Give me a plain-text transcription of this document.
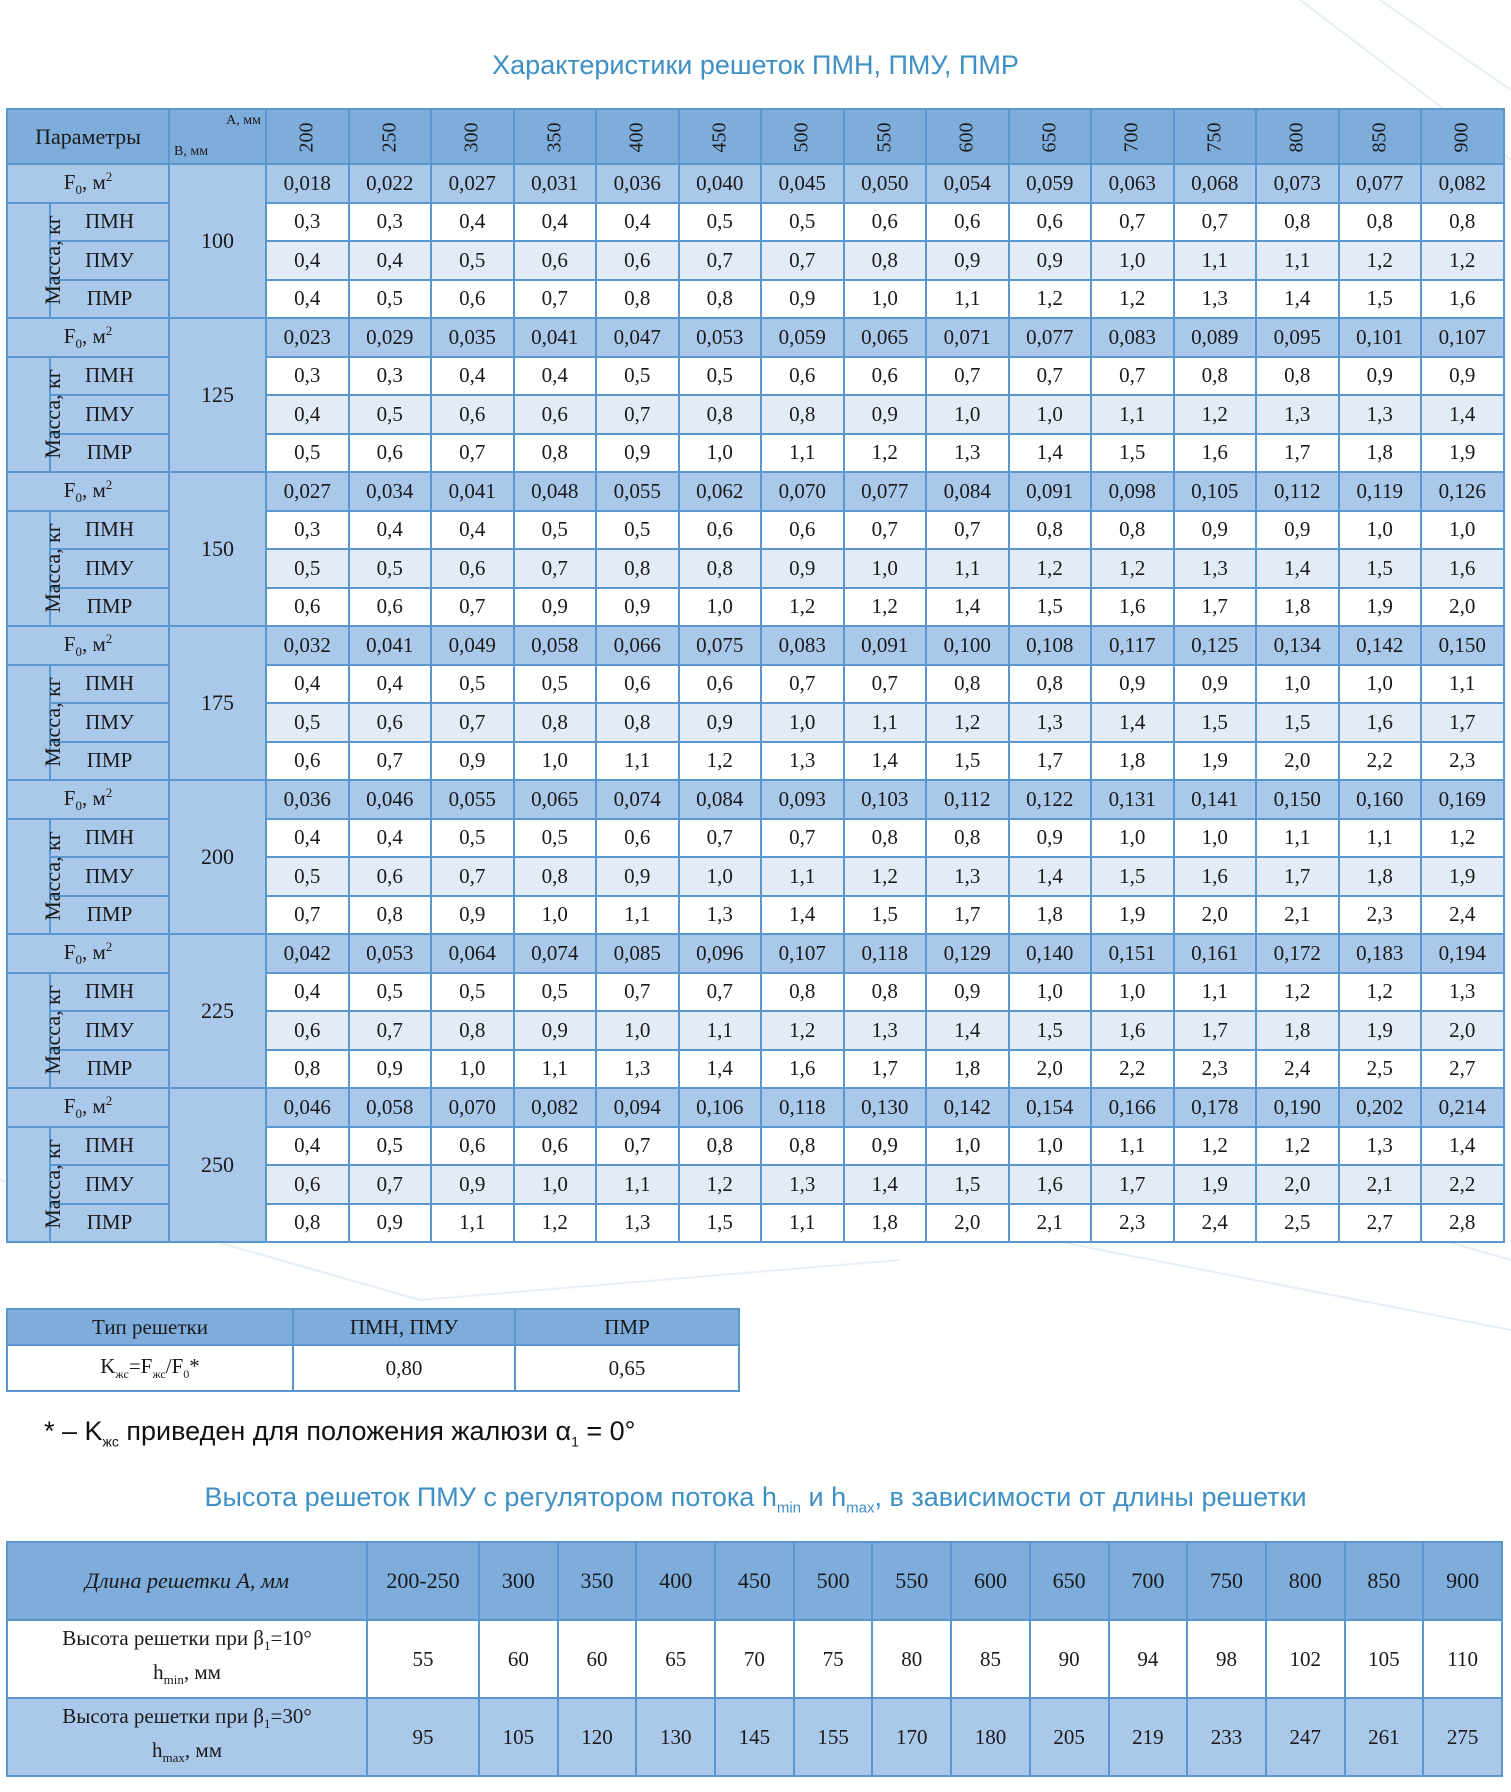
Характеристики решеток ПМН, ПМУ, ПМР
Параметры		А, мм
В, мм	200	250	300	350	400	450	500	550	600	650	700	750	800	850	900
$F_0$, $м^2$		100	0,018	0,022	0,027	0,031	0,036	0,040	0,045	0,050	0,054	0,059	0,063	0,068	0,073	0,077	0,082
Масса, кг	ПМН		0,3	0,3	0,4	0,4	0,4	0,5	0,5	0,6	0,6	0,6	0,7	0,7	0,8	0,8	0,8
	ПМУ		0,4	0,4	0,5	0,6	0,6	0,7	0,7	0,8	0,9	0,9	1,0	1,1	1,1	1,2	1,2
	ПМР		0,4	0,5	0,6	0,7	0,8	0,8	0,9	1,0	1,1	1,2	1,2	1,3	1,4	1,5	1,6
$F_0$, $м^2$		125	0,023	0,029	0,035	0,041	0,047	0,053	0,059	0,065	0,071	0,077	0,083	0,089	0,095	0,101	0,107
Масса, кг	ПМН		0,3	0,3	0,4	0,4	0,5	0,5	0,6	0,6	0,7	0,7	0,7	0,8	0,8	0,9	0,9
	ПМУ		0,4	0,5	0,6	0,6	0,7	0,8	0,8	0,9	1,0	1,0	1,1	1,2	1,3	1,3	1,4
	ПМР		0,5	0,6	0,7	0,8	0,9	1,0	1,1	1,2	1,3	1,4	1,5	1,6	1,7	1,8	1,9
$F_0$, $м^2$		150	0,027	0,034	0,041	0,048	0,055	0,062	0,070	0,077	0,084	0,091	0,098	0,105	0,112	0,119	0,126
Масса, кг	ПМН		0,3	0,4	0,4	0,5	0,5	0,6	0,6	0,7	0,7	0,8	0,8	0,9	0,9	1,0	1,0
	ПМУ		0,5	0,5	0,6	0,7	0,8	0,8	0,9	1,0	1,1	1,2	1,2	1,3	1,4	1,5	1,6
	ПМР		0,6	0,6	0,7	0,9	0,9	1,0	1,2	1,2	1,4	1,5	1,6	1,7	1,8	1,9	2,0
$F_0$, $м^2$		175	0,032	0,041	0,049	0,058	0,066	0,075	0,083	0,091	0,100	0,108	0,117	0,125	0,134	0,142	0,150
Масса, кг	ПМН		0,4	0,4	0,5	0,5	0,6	0,6	0,7	0,7	0,8	0,8	0,9	0,9	1,0	1,0	1,1
	ПМУ		0,5	0,6	0,7	0,8	0,8	0,9	1,0	1,1	1,2	1,3	1,4	1,5	1,5	1,6	1,7
	ПМР		0,6	0,7	0,9	1,0	1,1	1,2	1,3	1,4	1,5	1,7	1,8	1,9	2,0	2,2	2,3
$F_0$, $м^2$		200	0,036	0,046	0,055	0,065	0,074	0,084	0,093	0,103	0,112	0,122	0,131	0,141	0,150	0,160	0,169
Масса, кг	ПМН		0,4	0,4	0,5	0,5	0,6	0,7	0,7	0,8	0,8	0,9	1,0	1,0	1,1	1,1	1,2
	ПМУ		0,5	0,6	0,7	0,8	0,9	1,0	1,1	1,2	1,3	1,4	1,5	1,6	1,7	1,8	1,9
	ПМР		0,7	0,8	0,9	1,0	1,1	1,3	1,4	1,5	1,7	1,8	1,9	2,0	2,1	2,3	2,4
$F_0$, $м^2$		225	0,042	0,053	0,064	0,074	0,085	0,096	0,107	0,118	0,129	0,140	0,151	0,161	0,172	0,183	0,194
Масса, кг	ПМН		0,4	0,5	0,5	0,5	0,7	0,7	0,8	0,8	0,9	1,0	1,0	1,1	1,2	1,2	1,3
	ПМУ		0,6	0,7	0,8	0,9	1,0	1,1	1,2	1,3	1,4	1,5	1,6	1,7	1,8	1,9	2,0
	ПМР		0,8	0,9	1,0	1,1	1,3	1,4	1,6	1,7	1,8	2,0	2,2	2,3	2,4	2,5	2,7
$F_0$, $м^2$		250	0,046	0,058	0,070	0,082	0,094	0,106	0,118	0,130	0,142	0,154	0,166	0,178	0,190	0,202	0,214
Масса, кг	ПМН		0,4	0,5	0,6	0,6	0,7	0,8	0,8	0,9	1,0	1,0	1,1	1,2	1,2	1,3	1,4
	ПМУ		0,6	0,7	0,9	1,0	1,1	1,2	1,3	1,4	1,5	1,6	1,7	1,9	2,0	2,1	2,2
	ПМР		0,8	0,9	1,1	1,2	1,3	1,5	1,1	1,8	2,0	2,1	2,3	2,4	2,5	2,7	2,8
Тип решетки	ПМН, ПМУ	ПМР
$K_{жс}=F_{жс}/F_0*$	0,80	0,65
* – $K_{жс}$ приведен для положения жалюзи $\alpha_1 = 0^\circ$
Высота решеток ПМУ с регулятором потока $h_{min}$ и $h_{max}$, в зависимости от длины решетки
Длина решетки А, мм	200-250	300	350	400	450	500	550	600	650	700	750	800	850	900
Высота решетки при $\beta_1=10^\circ$
$h_{min}$, мм	55	60	60	65	70	75	80	85	90	94	98	102	105	110
Высота решетки при $\beta_1=30^\circ$
$h_{max}$, мм	95	105	120	130	145	155	170	180	205	219	233	247	261	275
